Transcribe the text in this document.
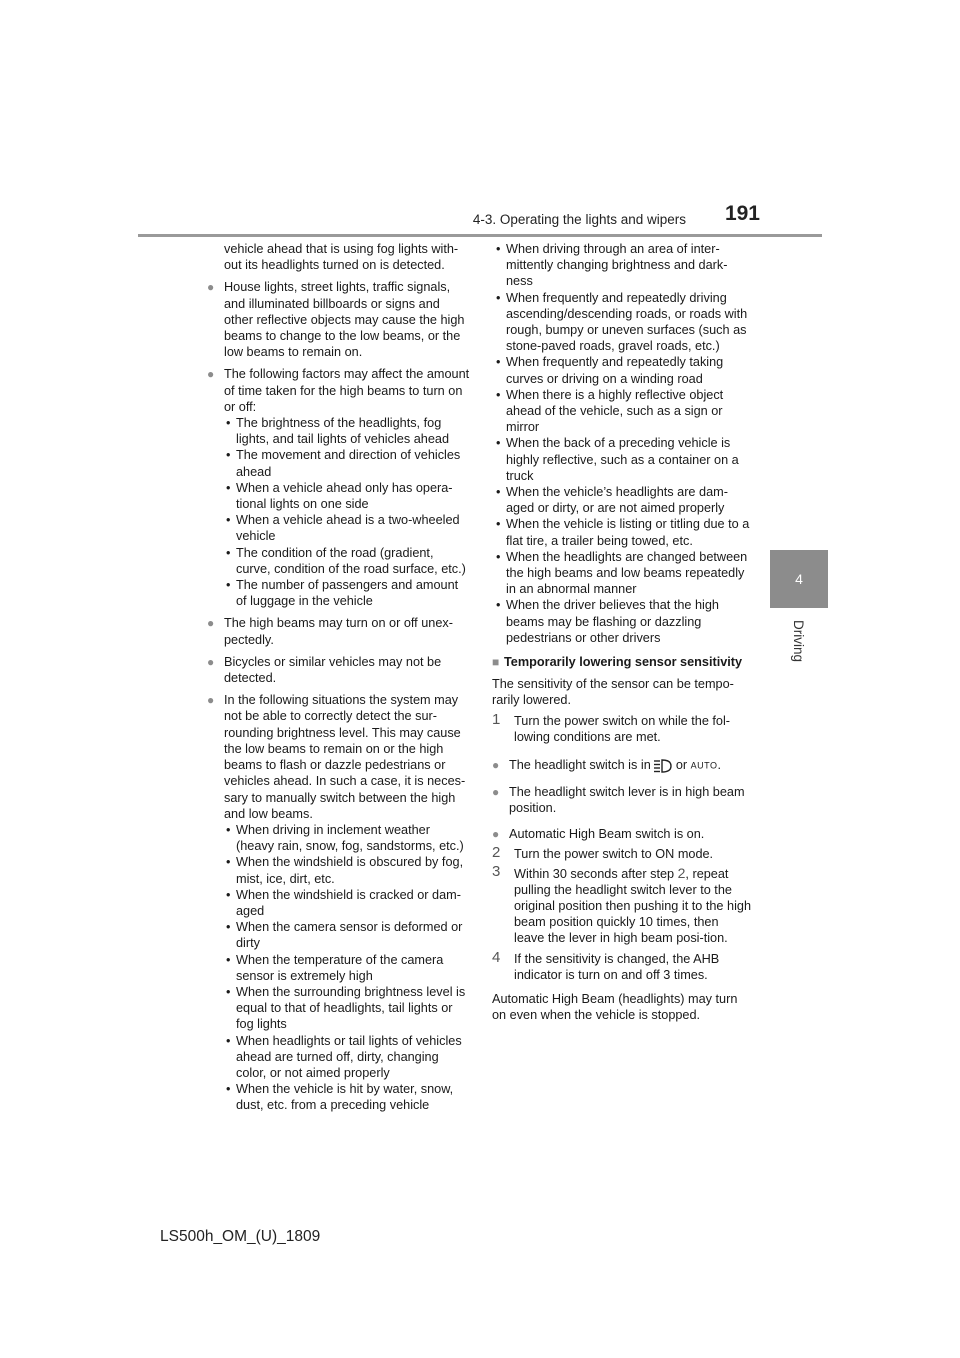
4-3. Operating the lights and wipers 191
4
Driving

vehicle ahead that is using fog lights with-out its headlights turned on is detected.

● House lights, street lights, traffic signals, and illuminated billboards or signs and other reflective objects may cause the high beams to change to the low beams, or the low beams to remain on.
● The following factors may affect the amount of time taken for the high beams to turn on or off:
• The brightness of the headlights, fog lights, and tail lights of vehicles ahead
• The movement and direction of vehicles ahead
• When a vehicle ahead only has opera-tional lights on one side
• When a vehicle ahead is a two-wheeled vehicle
• The condition of the road (gradient, curve, condition of the road surface, etc.)
• The number of passengers and amount of luggage in the vehicle
● The high beams may turn on or off unex-pectedly.
● Bicycles or similar vehicles may not be detected.
● In the following situations the system may not be able to correctly detect the sur-rounding brightness level. This may cause the low beams to remain on or the high beams to flash or dazzle pedestrians or vehicles ahead. In such a case, it is neces-sary to manually switch between the high and low beams.
• When driving in inclement weather (heavy rain, snow, fog, sandstorms, etc.)
• When the windshield is obscured by fog, mist, ice, dirt, etc.
• When the windshield is cracked or dam-aged
• When the camera sensor is deformed or dirty
• When the temperature of the camera sensor is extremely high
• When the surrounding brightness level is equal to that of headlights, tail lights or fog lights
• When headlights or tail lights of vehicles ahead are turned off, dirty, changing color, or not aimed properly
• When the vehicle is hit by water, snow, dust, etc. from a preceding vehicle
• When driving through an area of inter-mittently changing brightness and dark-ness
• When frequently and repeatedly driving ascending/descending roads, or roads with rough, bumpy or uneven surfaces (such as stone-paved roads, gravel roads, etc.)
• When frequently and repeatedly taking curves or driving on a winding road
• When there is a highly reflective object ahead of the vehicle, such as a sign or mirror
• When the back of a preceding vehicle is highly reflective, such as a container on a truck
• When the vehicle’s headlights are dam-aged or dirty, or are not aimed properly
• When the vehicle is listing or titling due to a flat tire, a trailer being towed, etc.
• When the headlights are changed between the high beams and low beams repeatedly in an abnormal manner
• When the driver believes that the high beams may be flashing or dazzling pedestrians or other drivers
■ Temporarily lowering sensor sensitivity

The sensitivity of the sensor can be tempo-rarily lowered.

1 Turn the power switch on while the fol-lowing conditions are met.
● The headlight switch is in or AUTO.
● The headlight switch lever is in high beam position.
● Automatic High Beam switch is on.
2 Turn the power switch to ON mode.
3 Within 30 seconds after step 2, repeat pulling the headlight switch lever to the original position then pushing it to the high beam position quickly 10 times, then leave the lever in high beam posi-tion.
4 If the sensitivity is changed, the AHB indicator is turn on and off 3 times.

Automatic High Beam (headlights) may turn on even when the vehicle is stopped.

LS500h_OM_(U)_1809
